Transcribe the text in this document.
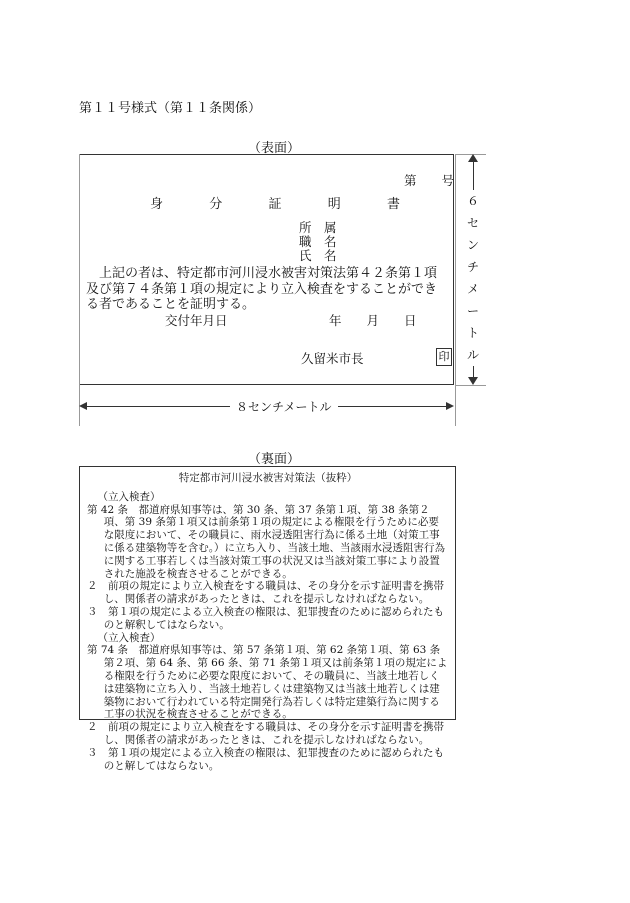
第１１号様式（第１１条関係）
（表面）
第　　号
身	分	証	明	書
所　属
職　名
氏　名
上記の者は、特定都市河川浸水被害対策法第４２条第１項及び第７４条第１項の規定により立入検査をすることができる者であることを証明する。
交付年月日	年　　月　　日
久留米市長	印
６センチメートル
８センチメートル
（裏面）
特定都市河川浸水被害対策法（抜粋）
（立入検査）
第 42 条　都道府県知事等は、第 30 条、第 37 条第１項、第 38 条第２項、第 39 条第１項又は前条第１項の規定による権限を行うために必要な限度において、その職員に、雨水浸透阻害行為に係る土地（対策工事に係る建築物等を含む。）に立ち入り、当該土地、当該雨水浸透阻害行為に関する工事若しくは当該対策工事の状況又は当該対策工事により設置された施設を検査させることができる。
２　前項の規定により立入検査をする職員は、その身分を示す証明書を携帯し、関係者の請求があったときは、これを提示しなければならない。
３　第１項の規定による立入検査の権限は、犯罪捜査のために認められたものと解釈してはならない。
（立入検査）
第 74 条　都道府県知事等は、第 57 条第１項、第 62 条第１項、第 63 条第２項、第 64 条、第 66 条、第 71 条第１項又は前条第１項の規定による権限を行うために必要な限度において、その職員に、当該土地若しくは建築物に立ち入り、当該土地若しくは建築物又は当該土地若しくは建築物において行われている特定開発行為若しくは特定建築行為に関する工事の状況を検査させることができる。
２　前項の規定により立入検査をする職員は、その身分を示す証明書を携帯し、関係者の請求があったときは、これを提示しなければならない。
３　第１項の規定による立入検査の権限は、犯罪捜査のために認められたものと解してはならない。
